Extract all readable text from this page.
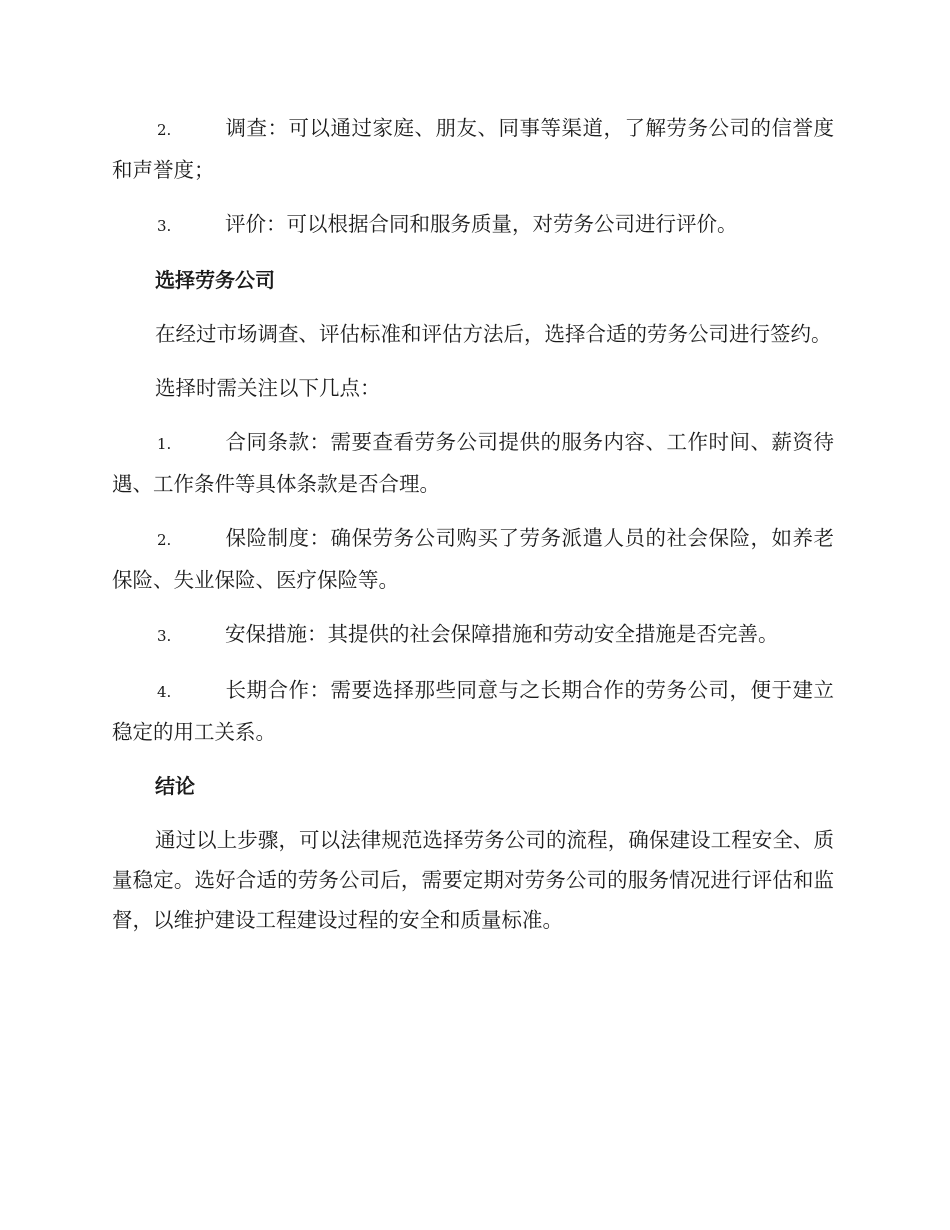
2.	调查：可以通过家庭、朋友、同事等渠道，了解劳务公司的信誉度和声誉度；

3.	评价：可以根据合同和服务质量，对劳务公司进行评价。

选择劳务公司

在经过市场调查、评估标准和评估方法后，选择合适的劳务公司进行签约。

选择时需关注以下几点：

1.	合同条款：需要查看劳务公司提供的服务内容、工作时间、薪资待遇、工作条件等具体条款是否合理。

2.	保险制度：确保劳务公司购买了劳务派遣人员的社会保险，如养老保险、失业保险、医疗保险等。

3.	安保措施：其提供的社会保障措施和劳动安全措施是否完善。

4.	长期合作：需要选择那些同意与之长期合作的劳务公司，便于建立稳定的用工关系。

结论

通过以上步骤，可以法律规范选择劳务公司的流程，确保建设工程安全、质量稳定。选好合适的劳务公司后，需要定期对劳务公司的服务情况进行评估和监督，以维护建设工程建设过程的安全和质量标准。
